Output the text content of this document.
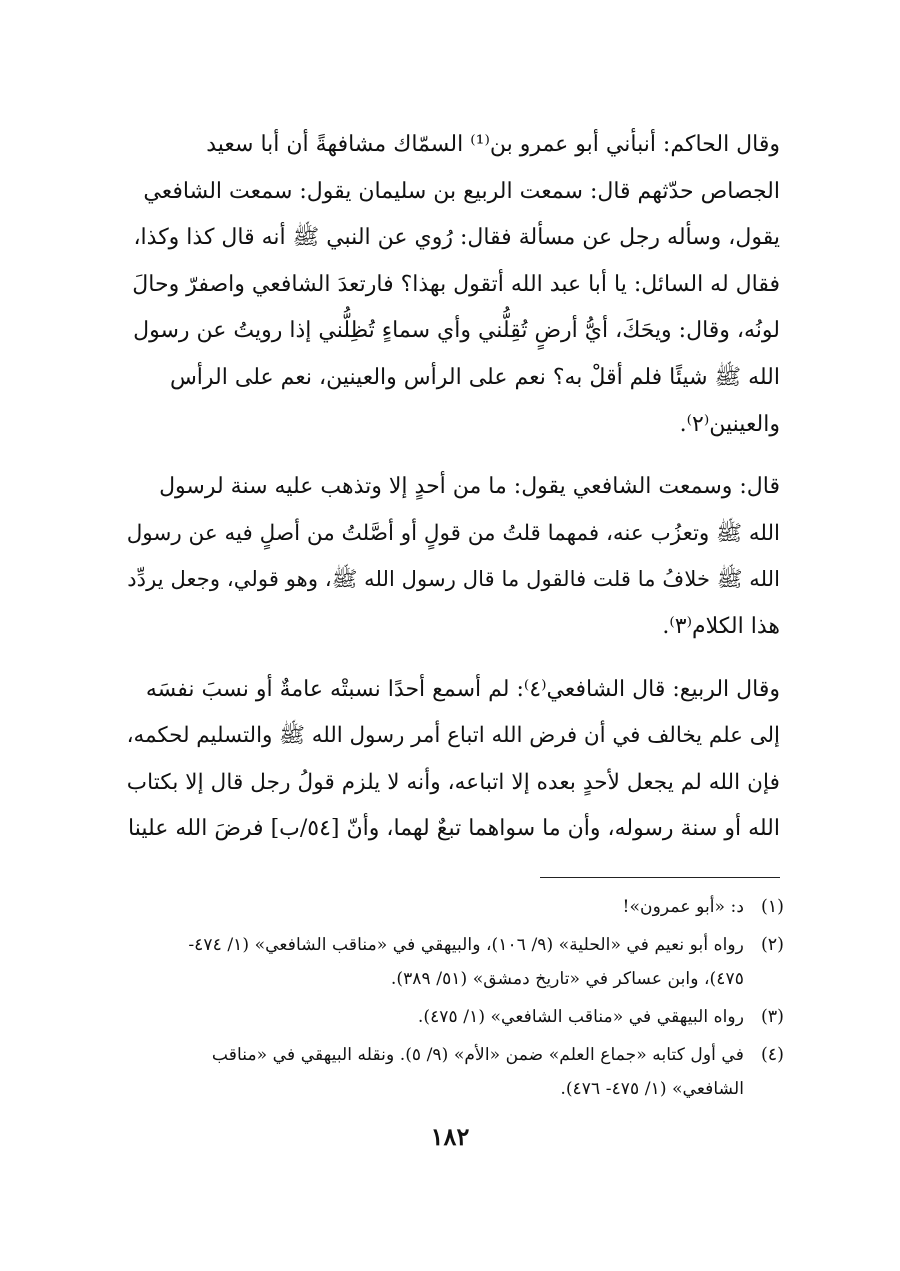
وقال الحاكم: أنبأني أبو عمرو بن⁽¹⁾ السمّاك مشافهةً أن أبا سعيد
الجصاص حدّثهم قال: سمعت الربيع بن سليمان يقول: سمعت الشافعي
يقول، وسأله رجل عن مسألة فقال: رُوي عن النبي ﷺ أنه قال كذا وكذا،
فقال له السائل: يا أبا عبد الله أتقول بهذا؟ فارتعدَ الشافعي واصفرّ وحالَ
لونُه، وقال: ويحَكَ، أيُّ أرضٍ تُقِلُّني وأي سماءٍ تُظِلُّني إذا رويتُ عن رسول
الله ﷺ شيئًا فلم أقلْ به؟ نعم على الرأس والعينين، نعم على الرأس
والعينين⁽٢⁾.
قال: وسمعت الشافعي يقول: ما من أحدٍ إلا وتذهب عليه سنة لرسول
الله ﷺ وتعزُب عنه، فمهما قلتُ من قولٍ أو أصَّلتُ من أصلٍ فيه عن رسول
الله ﷺ خلافُ ما قلت فالقول ما قال رسول الله ﷺ، وهو قولي، وجعل يردِّد
هذا الكلام⁽٣⁾.
وقال الربيع: قال الشافعي⁽٤⁾: لم أسمع أحدًا نسبتْه عامةٌ أو نسبَ نفسَه
إلى علم يخالف في أن فرض الله اتباع أمر رسول الله ﷺ والتسليم لحكمه،
فإن الله لم يجعل لأحدٍ بعده إلا اتباعه، وأنه لا يلزم قولُ رجل قال إلا بكتاب
الله أو سنة رسوله، وأن ما سواهما تبعٌ لهما، وأنّ [٥٤/ب] فرضَ الله علينا
(١)
د: «أبو عمرون»!
(٢)
رواه أبو نعيم في «الحلية» (٩/ ١٠٦)، والبيهقي في «مناقب الشافعي» (١/ ٤٧٤-
٤٧٥)، وابن عساكر في «تاريخ دمشق» (٥١/ ٣٨٩).
(٣)
رواه البيهقي في «مناقب الشافعي» (١/ ٤٧٥).
(٤)
في أول كتابه «جماع العلم» ضمن «الأم» (٩/ ٥). ونقله البيهقي في «مناقب
الشافعي» (١/ ٤٧٥- ٤٧٦).
١٨٢
